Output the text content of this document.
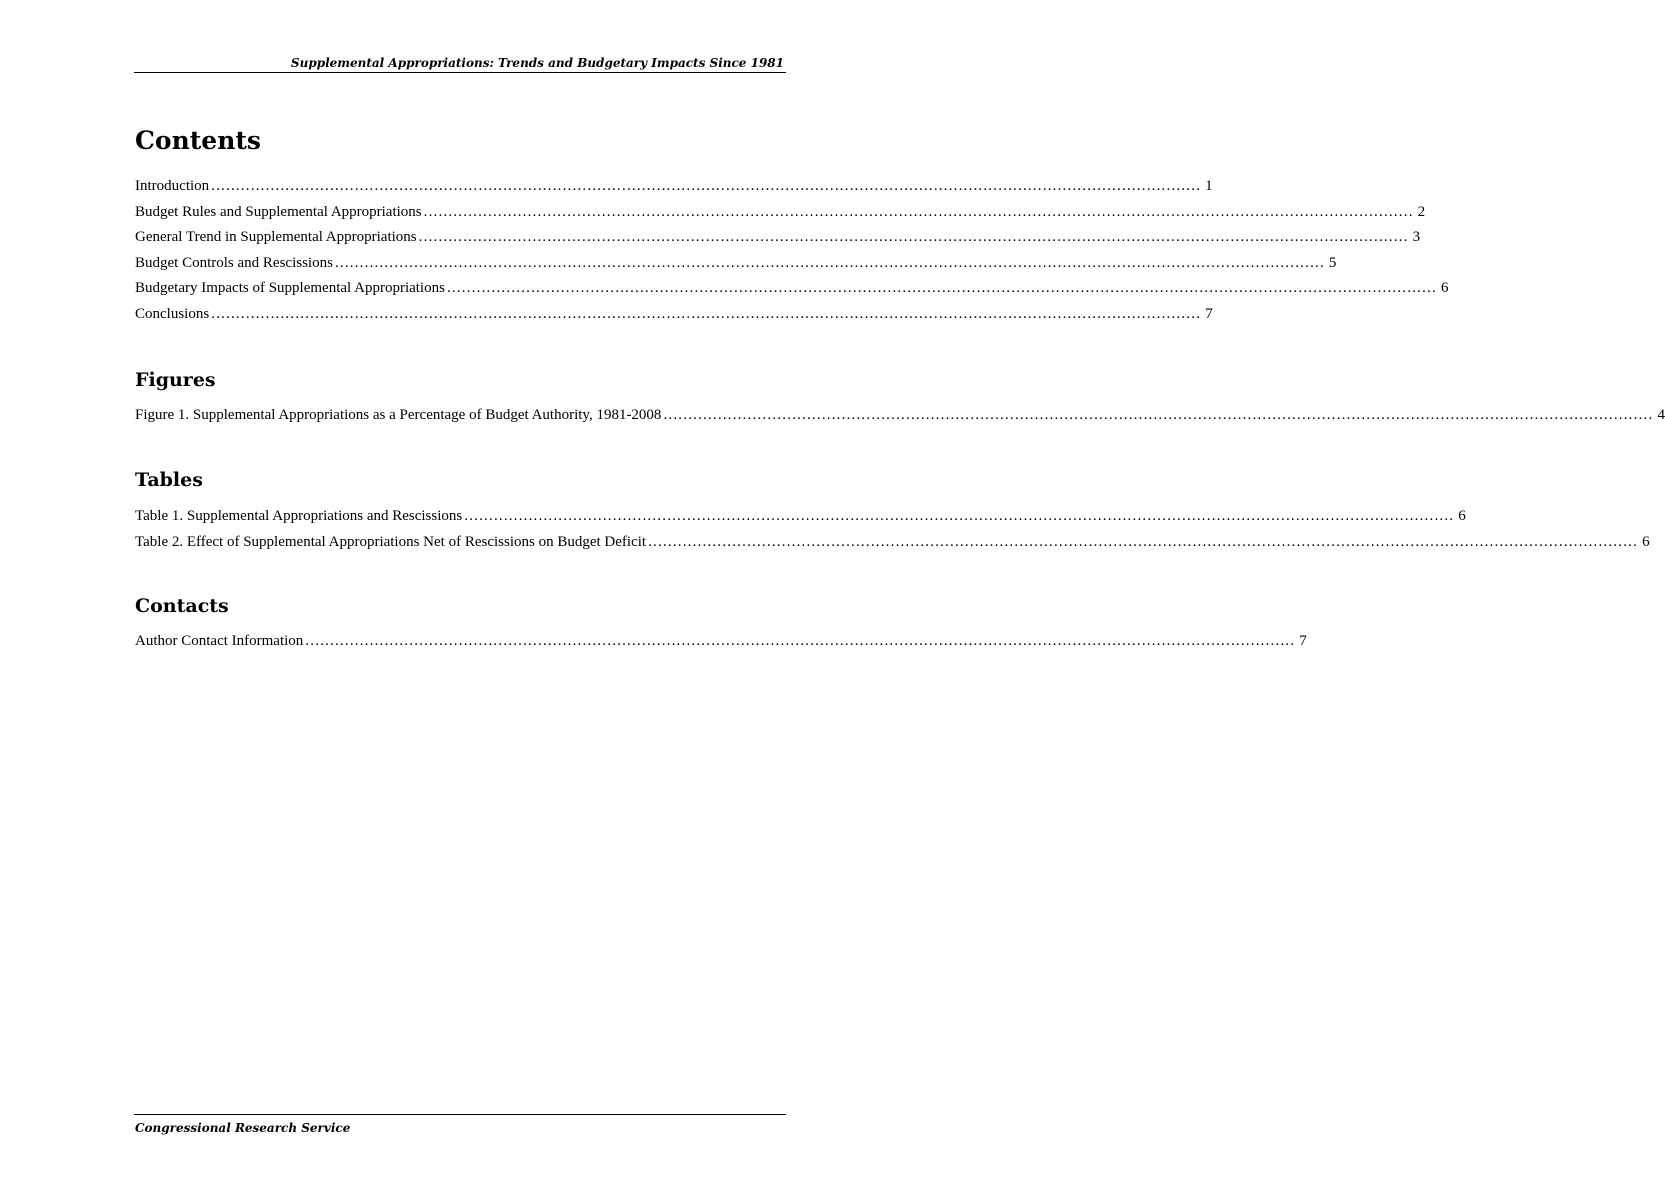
Supplemental Appropriations: Trends and Budgetary Impacts Since 1981
Contents
Introduction ........................................................................................................................................................................................................ 1
Budget Rules and Supplemental Appropriations ........................................................................................................................................................................................................ 2
General Trend in Supplemental Appropriations ........................................................................................................................................................................................................ 3
Budget Controls and Rescissions ........................................................................................................................................................................................................ 5
Budgetary Impacts of Supplemental Appropriations ........................................................................................................................................................................................................ 6
Conclusions ........................................................................................................................................................................................................ 7
Figures
Figure 1. Supplemental Appropriations as a Percentage of Budget Authority, 1981-2008 ........................................................................................................................................................................................................ 4
Tables
Table 1. Supplemental Appropriations and Rescissions ........................................................................................................................................................................................................ 6
Table 2. Effect of Supplemental Appropriations Net of Rescissions on Budget Deficit ........................................................................................................................................................................................................ 6
Contacts
Author Contact Information ........................................................................................................................................................................................................ 7
Congressional Research Service
